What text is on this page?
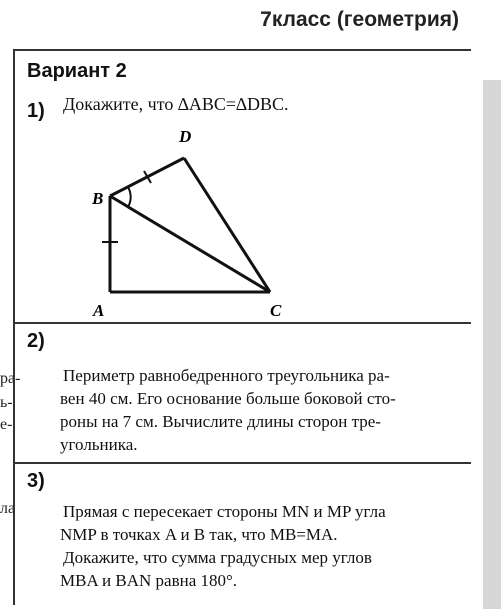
7класс (геометрия)
ра-
ь-
е-
ла
Вариант 2
1) Докажите, что ∆ABC=∆DBC.
B
D
A	C
2)
Периметр равнобедренного треугольника ра-
вен 40 см. Его основание больше боковой сто-
роны на 7 см. Вычислите длины сторон тре-
угольника.
3)
Прямая c пересекает стороны MN и MP угла
NMP в точках A и B так, что MB=MA.
Докажите, что сумма градусных мер углов
MBA и BAN равна 180°.
